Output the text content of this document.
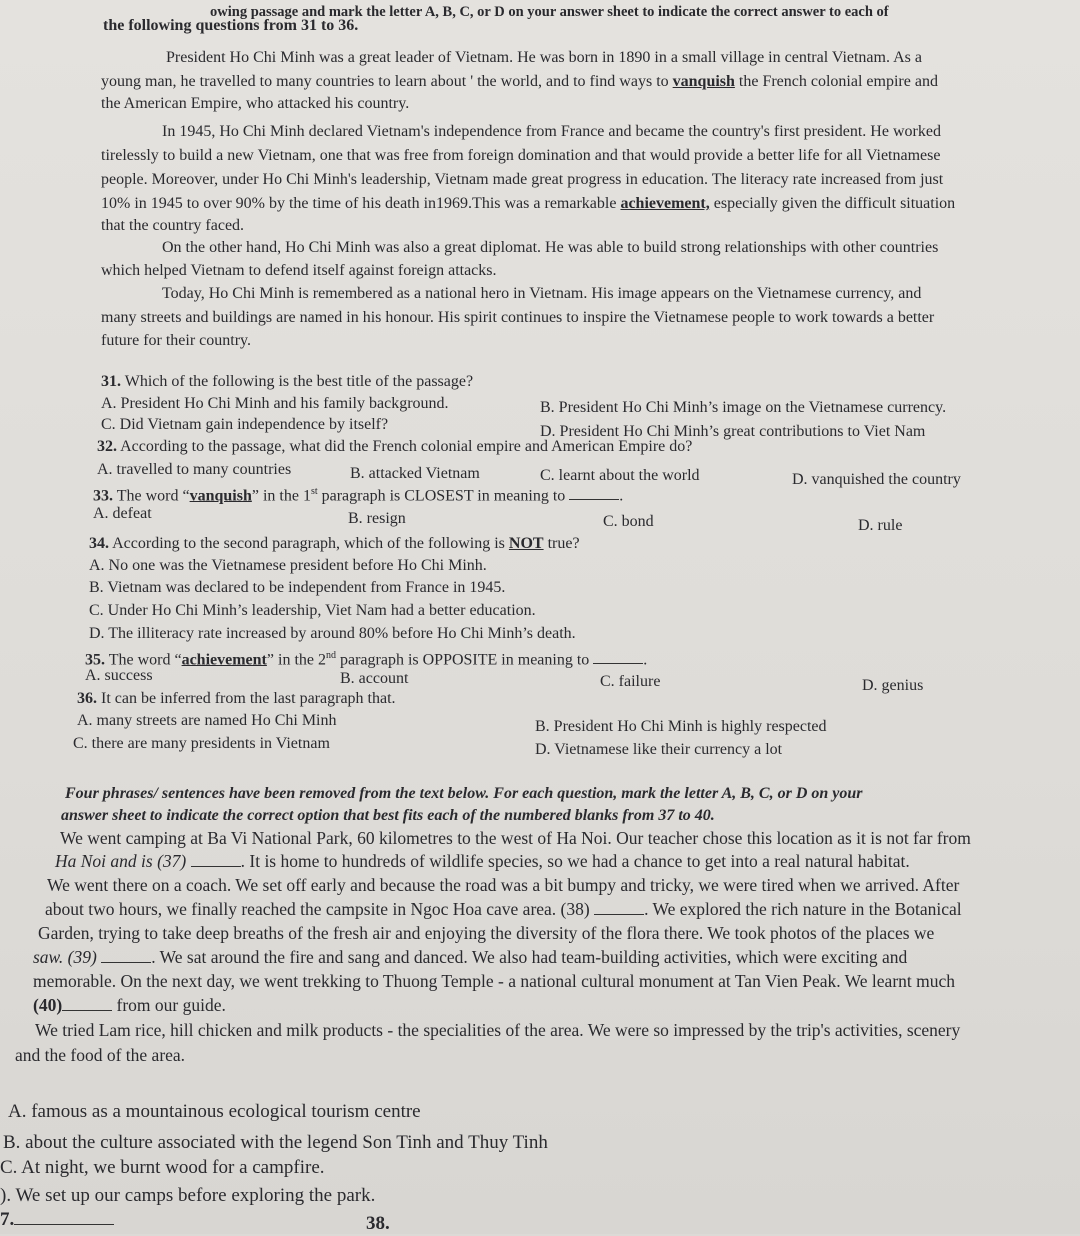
owing passage and mark the letter A, B, C, or D on your answer sheet to indicate the correct answer to each of
the following questions from 31 to 36.
President Ho Chi Minh was a great leader of Vietnam. He was born in 1890 in a small village in central Vietnam. As a
young man, he travelled to many countries to learn about ' the world, and to find ways to vanquish the French colonial empire and
the American Empire, who attacked his country.
In 1945, Ho Chi Minh declared Vietnam's independence from France and became the country's first president. He worked
tirelessly to build a new Vietnam, one that was free from foreign domination and that would provide a better life for all Vietnamese
people. Moreover, under Ho Chi Minh's leadership, Vietnam made great progress in education. The literacy rate increased from just
10% in 1945 to over 90% by the time of his death in1969.This was a remarkable achievement, especially given the difficult situation
that the country faced.
On the other hand, Ho Chi Minh was also a great diplomat. He was able to build strong relationships with other countries
which helped Vietnam to defend itself against foreign attacks.
Today, Ho Chi Minh is remembered as a national hero in Vietnam. His image appears on the Vietnamese currency, and
many streets and buildings are named in his honour. His spirit continues to inspire the Vietnamese people to work towards a better
future for their country.
31. Which of the following is the best title of the passage?
A. President Ho Chi Minh and his family background.	B. President Ho Chi Minh’s image on the Vietnamese currency.
C. Did Vietnam gain independence by itself?	D. President Ho Chi Minh’s great contributions to Viet Nam
32. According to the passage, what did the French colonial empire and American Empire do?
A. travelled to many countries	B. attacked Vietnam	C. learnt about the world	D. vanquished the country
33. The word “vanquish” in the 1st paragraph is CLOSEST in meaning to	.
A. defeat	B. resign	C. bond	D. rule
34. According to the second paragraph, which of the following is NOT true?
A. No one was the Vietnamese president before Ho Chi Minh.
B. Vietnam was declared to be independent from France in 1945.
C. Under Ho Chi Minh’s leadership, Viet Nam had a better education.
D. The illiteracy rate increased by around 80% before Ho Chi Minh’s death.
35. The word “achievement” in the 2nd paragraph is OPPOSITE in meaning to	.
A. success	B. account	C. failure	D. genius
36. It can be inferred from the last paragraph that.
A. many streets are named Ho Chi Minh	B. President Ho Chi Minh is highly respected
C. there are many presidents in Vietnam	D. Vietnamese like their currency a lot
Four phrases/ sentences have been removed from the text below. For each question, mark the letter A, B, C, or D on your
answer sheet to indicate the correct option that best fits each of the numbered blanks from 37 to 40.
We went camping at Ba Vi National Park, 60 kilometres to the west of Ha Noi. Our teacher chose this location as it is not far from
Ha Noi and is (37)	. It is home to hundreds of wildlife species, so we had a chance to get into a real natural habitat.
We went there on a coach. We set off early and because the road was a bit bumpy and tricky, we were tired when we arrived. After
about two hours, we finally reached the campsite in Ngoc Hoa cave area. (38)	. We explored the rich nature in the Botanical
Garden, trying to take deep breaths of the fresh air and enjoying the diversity of the flora there. We took photos of the places we
saw. (39)	. We sat around the fire and sang and danced. We also had team-building activities, which were exciting and
memorable. On the next day, we went trekking to Thuong Temple - a national cultural monument at Tan Vien Peak. We learnt much
(40)	from our guide.
We tried Lam rice, hill chicken and milk products - the specialities of the area. We were so impressed by the trip's activities, scenery
and the food of the area.
A. famous as a mountainous ecological tourism centre
B. about the culture associated with the legend Son Tinh and Thuy Tinh
C. At night, we burnt wood for a campfire.
). We set up our camps before exploring the park.
7.	38.
